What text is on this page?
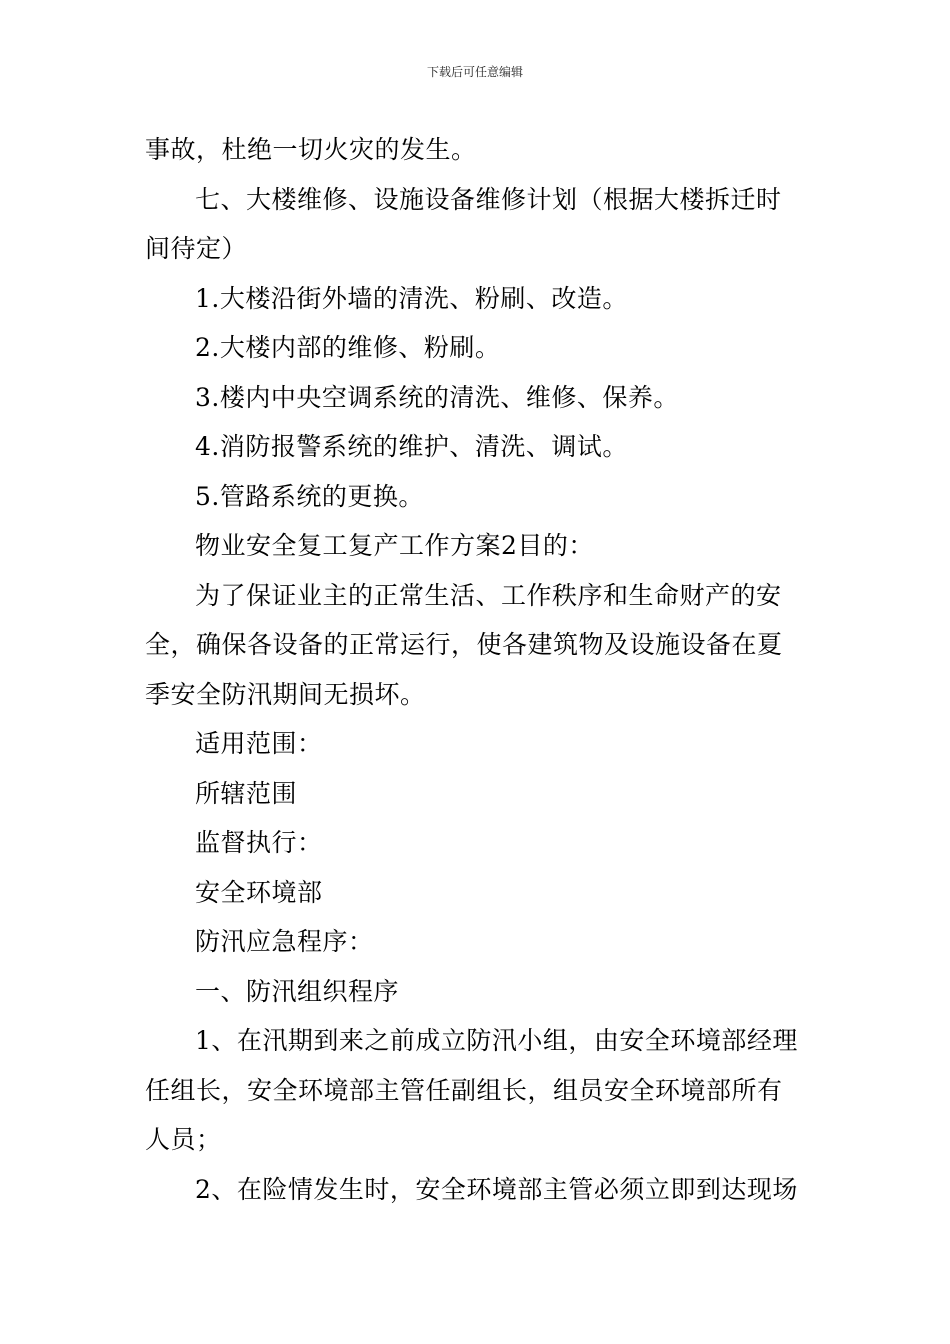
下载后可任意编辑

事故，杜绝一切火灾的发生。

七、大楼维修、设施设备维修计划（根据大楼拆迁时间待定）

1.大楼沿街外墙的清洗、粉刷、改造。

2.大楼内部的维修、粉刷。

3.楼内中央空调系统的清洗、维修、保养。

4.消防报警系统的维护、清洗、调试。

5.管路系统的更换。

物业安全复工复产工作方案2目的：

为了保证业主的正常生活、工作秩序和生命财产的安全，确保各设备的正常运行，使各建筑物及设施设备在夏季安全防汛期间无损坏。

适用范围：

所辖范围

监督执行：

安全环境部

防汛应急程序：

一、防汛组织程序

1、在汛期到来之前成立防汛小组，由安全环境部经理任组长，安全环境部主管任副组长，组员安全环境部所有人员；

2、在险情发生时，安全环境部主管必须立即到达现场
